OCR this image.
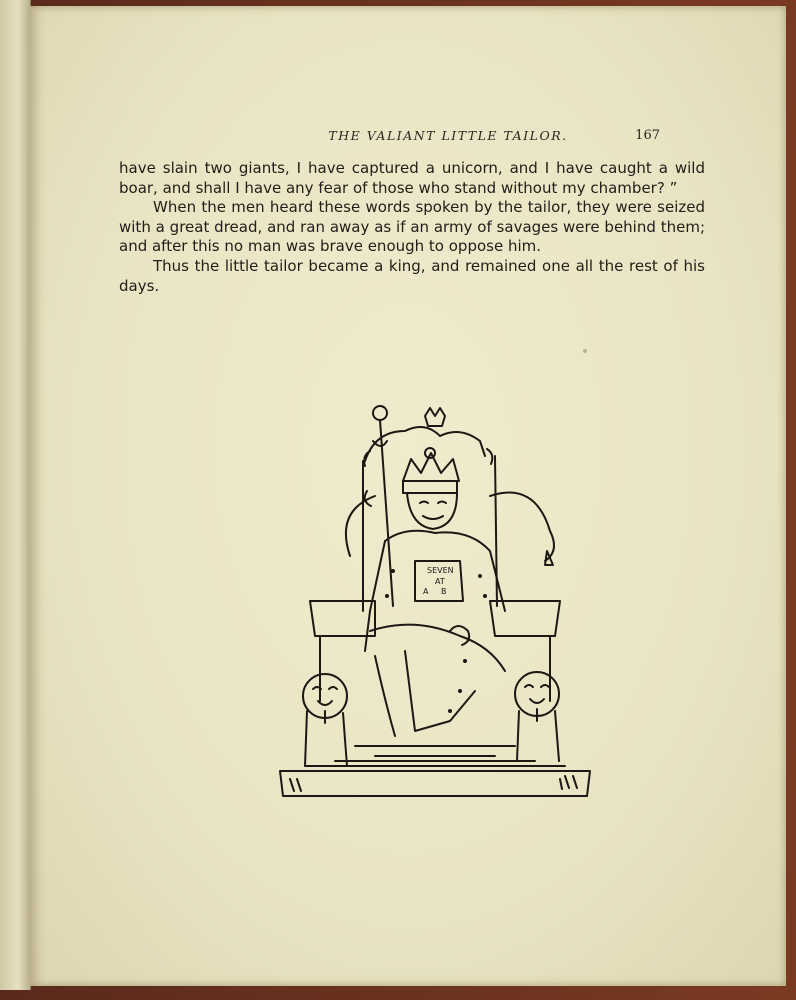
THE VALIANT LITTLE TAILOR.	167

have slain two giants, I have captured a unicorn, and I have caught a wild boar, and shall I have any fear of those who stand without my chamber? ”

When the men heard these words spoken by the tailor, they were seized with a great dread, and ran away as if an army of savages were behind them; and after this no man was brave enough to oppose him.

Thus the little tailor became a king, and remained one all the rest of his days.

SEVEN
AT
A B
